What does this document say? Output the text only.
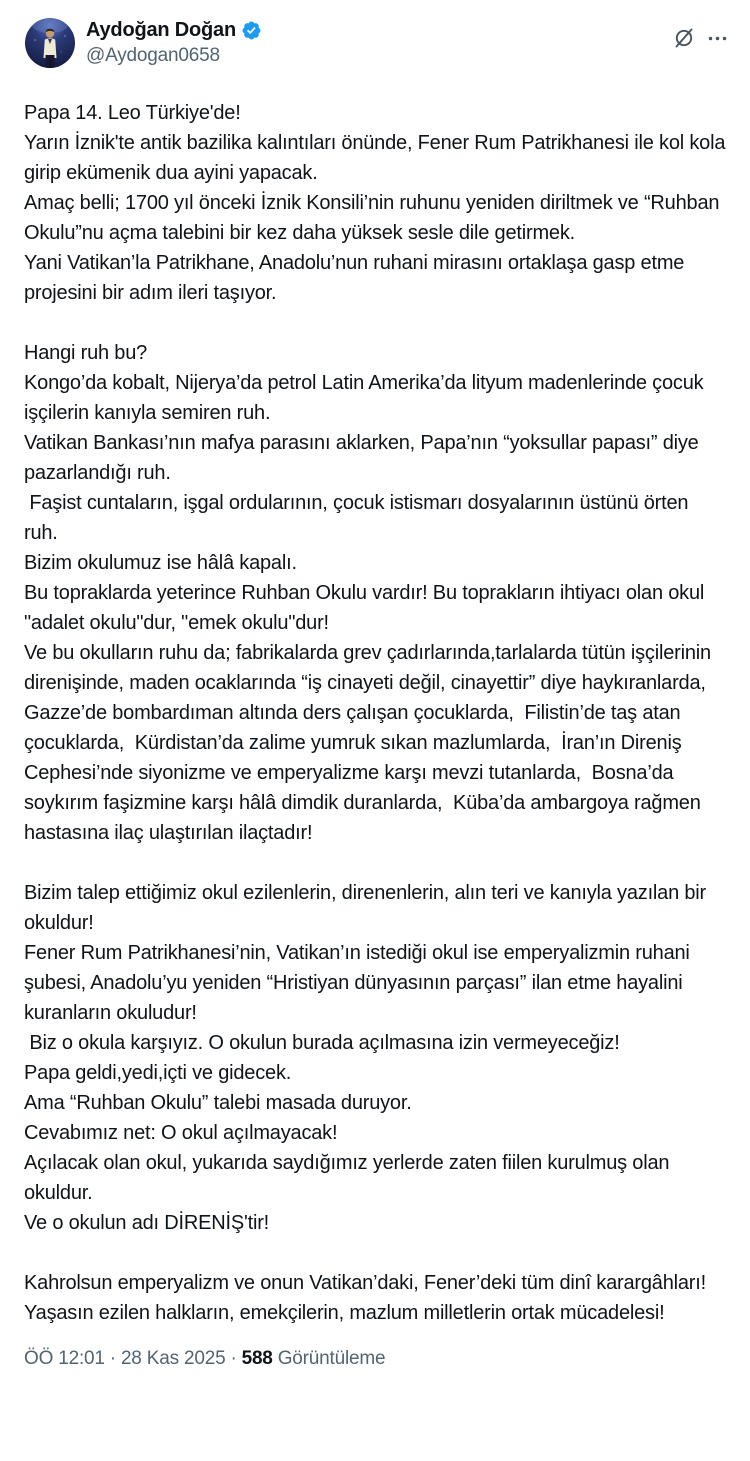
Aydoğan Doğan
@Aydogan0658
Papa 14. Leo Türkiye'de!
Yarın İznik'te antik bazilika kalıntıları önünde, Fener Rum Patrikhanesi ile kol kola girip ekümenik dua ayini yapacak.
Amaç belli; 1700 yıl önceki İznik Konsili’nin ruhunu yeniden diriltmek ve “Ruhban Okulu”nu açma talebini bir kez daha yüksek sesle dile getirmek.
Yani Vatikan’la Patrikhane, Anadolu’nun ruhani mirasını ortaklaşa gasp etme projesini bir adım ileri taşıyor.
Hangi ruh bu?
Kongo’da kobalt, Nijerya’da petrol Latin Amerika’da lityum madenlerinde çocuk işçilerin kanıyla semiren ruh.
Vatikan Bankası’nın mafya parasını aklarken, Papa’nın “yoksullar papası” diye pazarlandığı ruh.
Faşist cuntaların, işgal ordularının, çocuk istismarı dosyalarının üstünü örten ruh.
Bizim okulumuz ise hâlâ kapalı.
Bu topraklarda yeterince Ruhban Okulu vardır! Bu toprakların ihtiyacı olan okul "adalet okulu"dur, "emek okulu"dur!
Ve bu okulların ruhu da; fabrikalarda grev çadırlarında,tarlalarda tütün işçilerinin direnişinde, maden ocaklarında “iş cinayeti değil, cinayettir” diye haykıranlarda,
Gazze’de bombardıman altında ders çalışan çocuklarda,  Filistin’de taş atan çocuklarda,  Kürdistan’da zalime yumruk sıkan mazlumlarda,  İran’ın Direniş Cephesi’nde siyonizme ve emperyalizme karşı mevzi tutanlarda,  Bosna’da soykırım faşizmine karşı hâlâ dimdik duranlarda,  Küba’da ambargoya rağmen hastasına ilaç ulaştırılan ilaçtadır!
Bizim talep ettiğimiz okul ezilenlerin, direnenlerin, alın teri ve kanıyla yazılan bir okuldur!
Fener Rum Patrikhanesi’nin, Vatikan’ın istediği okul ise emperyalizmin ruhani şubesi, Anadolu’yu yeniden “Hristiyan dünyasının parçası” ilan etme hayalini kuranların okuludur!
Biz o okula karşıyız. O okulun burada açılmasına izin vermeyeceğiz!
Papa geldi,yedi,içti ve gidecek.
Ama “Ruhban Okulu” talebi masada duruyor.
Cevabımız net: O okul açılmayacak!
Açılacak olan okul, yukarıda saydığımız yerlerde zaten fiilen kurulmuş olan okuldur.
Ve o okulun adı DİRENİŞ'tir!
Kahrolsun emperyalizm ve onun Vatikan’daki, Fener’deki tüm dinî karargâhları!
Yaşasın ezilen halkların, emekçilerin, mazlum milletlerin ortak mücadelesi!
ÖÖ 12:01 · 28 Kas 2025 · 588 Görüntüleme
